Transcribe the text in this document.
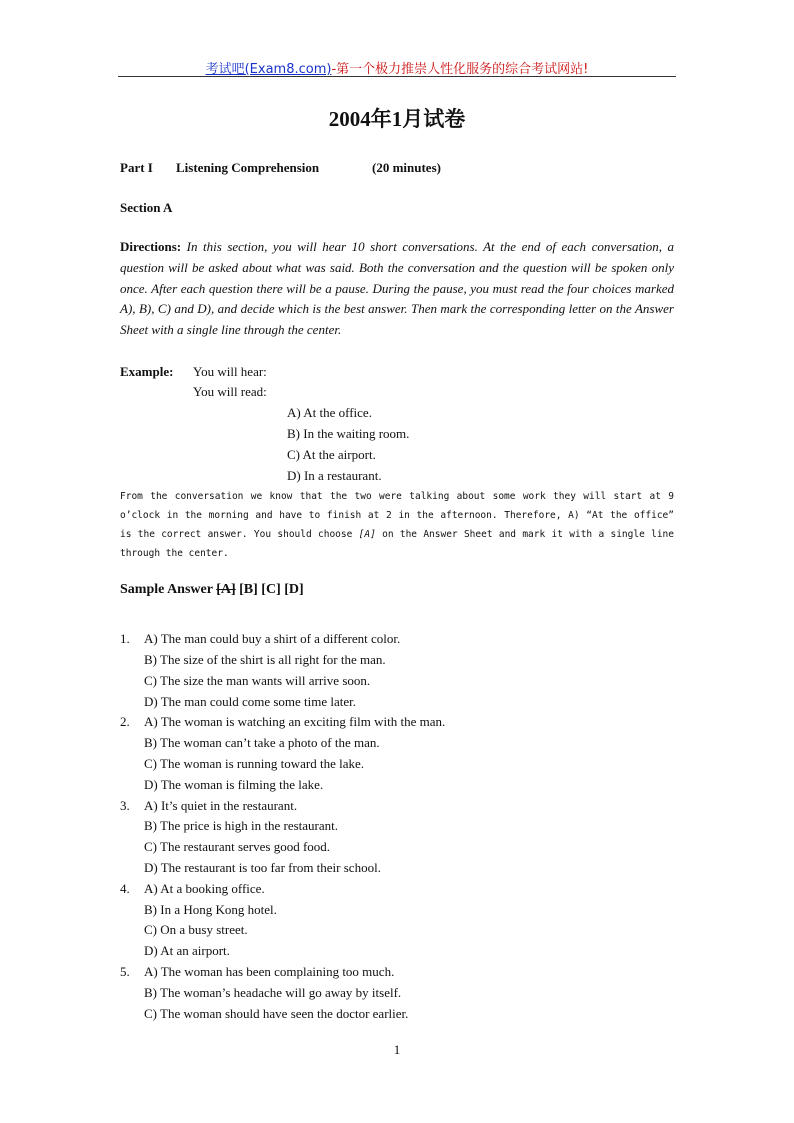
考试吧(Exam8.com)-第一个极力推崇人性化服务的综合考试网站!
2004年1月试卷
Part I Listening Comprehension	(20 minutes)
Section A
Directions: In this section, you will hear 10 short conversations. At the end of each conversation, a question will be asked about what was said. Both the conversation and the question will be spoken only once. After each question there will be a pause. During the pause, you must read the four choices marked A), B), C) and D), and decide which is the best answer. Then mark the corresponding letter on the Answer Sheet with a single line through the center.
Example: You will hear:
You will read:
A) At the office.
B) In the waiting room.
C) At the airport.
D) In a restaurant.
From the conversation we know that the two were talking about some work they will start at 9 o’clock in the morning and have to finish at 2 in the afternoon. Therefore, A) “At the office” is the correct answer. You should choose [A] on the Answer Sheet and mark it with a single line through the center.
Sample Answer [A] [B] [C] [D]
1. A) The man could buy a shirt of a different color.
B) The size of the shirt is all right for the man.
C) The size the man wants will arrive soon.
D) The man could come some time later.
2. A) The woman is watching an exciting film with the man.
B) The woman can’t take a photo of the man.
C) The woman is running toward the lake.
D) The woman is filming the lake.
3. A) It’s quiet in the restaurant.
B) The price is high in the restaurant.
C) The restaurant serves good food.
D) The restaurant is too far from their school.
4. A) At a booking office.
B) In a Hong Kong hotel.
C) On a busy street.
D) At an airport.
5. A) The woman has been complaining too much.
B) The woman’s headache will go away by itself.
C) The woman should have seen the doctor earlier.
1
